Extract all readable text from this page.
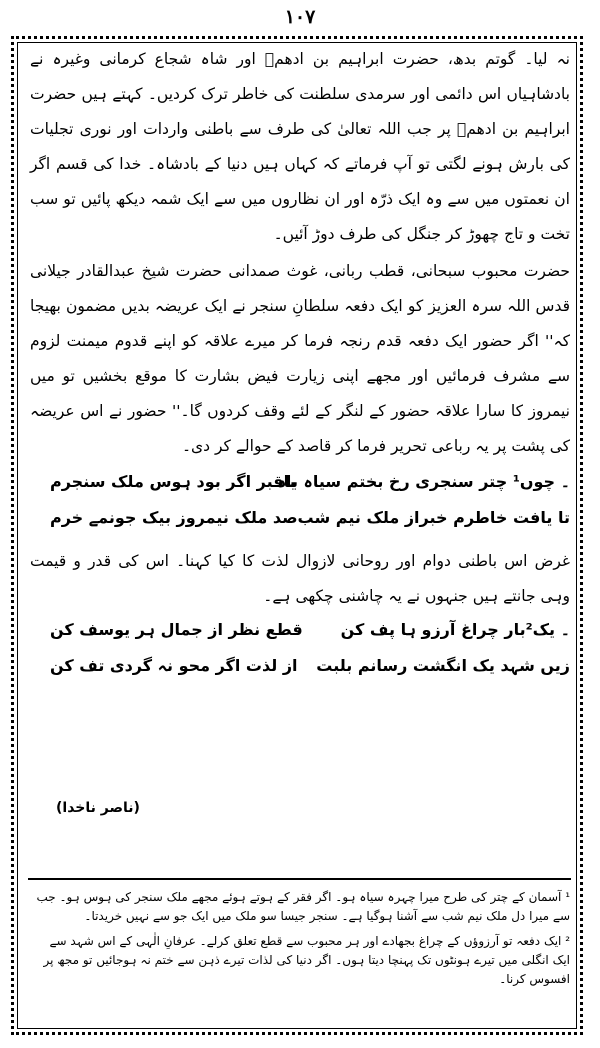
۱۰۷

نہ لیا۔ گوتم بدھ، حضرت ابراہیم بن ادھمؒ اور شاہ شجاع کرمانی وغیرہ نے بادشاہیاں اس دائمی اور سرمدی سلطنت کی خاطر ترک کردیں۔ کہتے ہیں حضرت ابراہیم بن ادھمؒ پر جب اللہ تعالیٰ کی طرف سے باطنی واردات اور نوری تجلیات کی بارش ہونے لگتی تو آپ فرماتے کہ کہاں ہیں دنیا کے بادشاہ۔ خدا کی قسم اگر ان نعمتوں میں سے وہ ایک ذرّہ اور ان نظاروں میں سے ایک شمہ دیکھ پائیں تو سب تخت و تاج چھوڑ کر جنگل کی طرف دوڑ آئیں۔

حضرت محبوب سبحانی، قطب ربانی، غوث صمدانی حضرت شیخ عبدالقادر جیلانی قدس اللہ سرہ العزیز کو ایک دفعہ سلطانِ سنجر نے ایک عریضہ بدیں مضمون بھیجا کہ'' اگر حضور ایک دفعہ قدم رنجہ فرما کر میرے علاقہ کو اپنے قدوم میمنت لزوم سے مشرف فرمائیں اور مجھے اپنی زیارت فیض بشارت کا موقع بخشیں تو میں نیمروز کا سارا علاقہ حضور کے لنگر کے لئے وقف کردوں گا۔'' حضور نے اس عریضہ کی پشت پر یہ رباعی تحریر فرما کر قاصد کے حوالے کر دی۔

۔ چوں¹ چتر سنجری رخ بختم سیاہ باد
باقبر اگر بود ہوس ملک سنجرم
تا یافت خاطرم خبراز ملک نیم شب
صد ملک نیمروز بیک جونمے خرم

غرض اس باطنی دوام اور روحانی لازوال لذت کا کیا کہنا۔ اس کی قدر و قیمت وہی جانتے ہیں جنہوں نے یہ چاشنی چکھی ہے۔

۔ یک²بار چراغ آرزو ہا پف کن
قطع نظر از جمال ہر یوسف کن
زیں شہد یک انگشت رسانم بلبت
از لذت اگر محو نہ گردی تف کن
(ناصر ناخدا)

¹ آسمان کے چتر کی طرح میرا چہرہ سیاہ ہو۔ اگر فقر کے ہوتے ہوئے مجھے ملک سنجر کی ہوس ہو۔ جب سے میرا دل ملک نیم شب سے آشنا ہوگیا ہے۔ سنجر جیسا سو ملک میں ایک جو سے نہیں خریدتا۔

² ایک دفعہ تو آرزوؤں کے چراغ بجھادے اور ہر محبوب سے قطع تعلق کرلے۔ عرفانِ الٰہی کے اس شہد سے ایک انگلی میں تیرے ہونٹوں تک پہنچا دیتا ہوں۔ اگر دنیا کی لذات تیرے ذہن سے ختم نہ ہوجائیں تو مجھ پر افسوس کرنا۔
